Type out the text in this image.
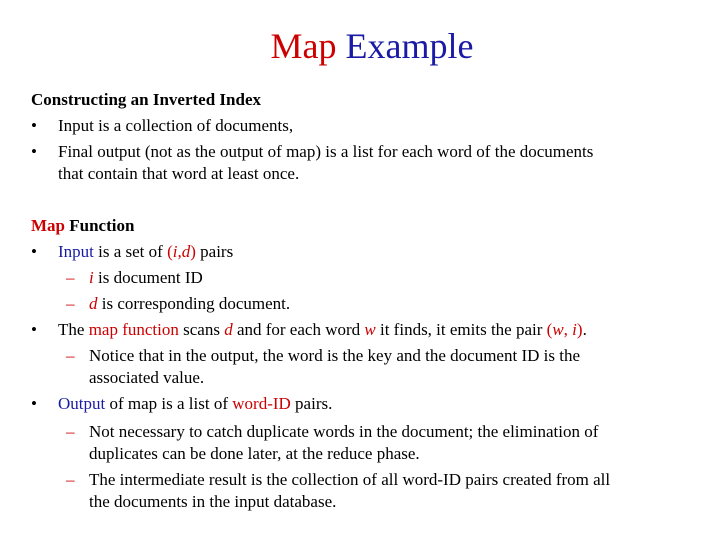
Map Example
Constructing an Inverted Index
• Input is a collection of documents,
• Final output (not as the output of map) is a list for each word of the documents
that contain that word at least once.
Map Function
• Input is a set of (i,d) pairs
– i is document ID
– d is corresponding document.
• The map function scans d and for each word w it finds, it emits the pair (w, i).
– Notice that in the output, the word is the key and the document ID is the
associated value.
• Output of map is a list of word-ID pairs.
– Not necessary to catch duplicate words in the document; the elimination of
duplicates can be done later, at the reduce phase.
– The intermediate result is the collection of all word-ID pairs created from all
the documents in the input database.
